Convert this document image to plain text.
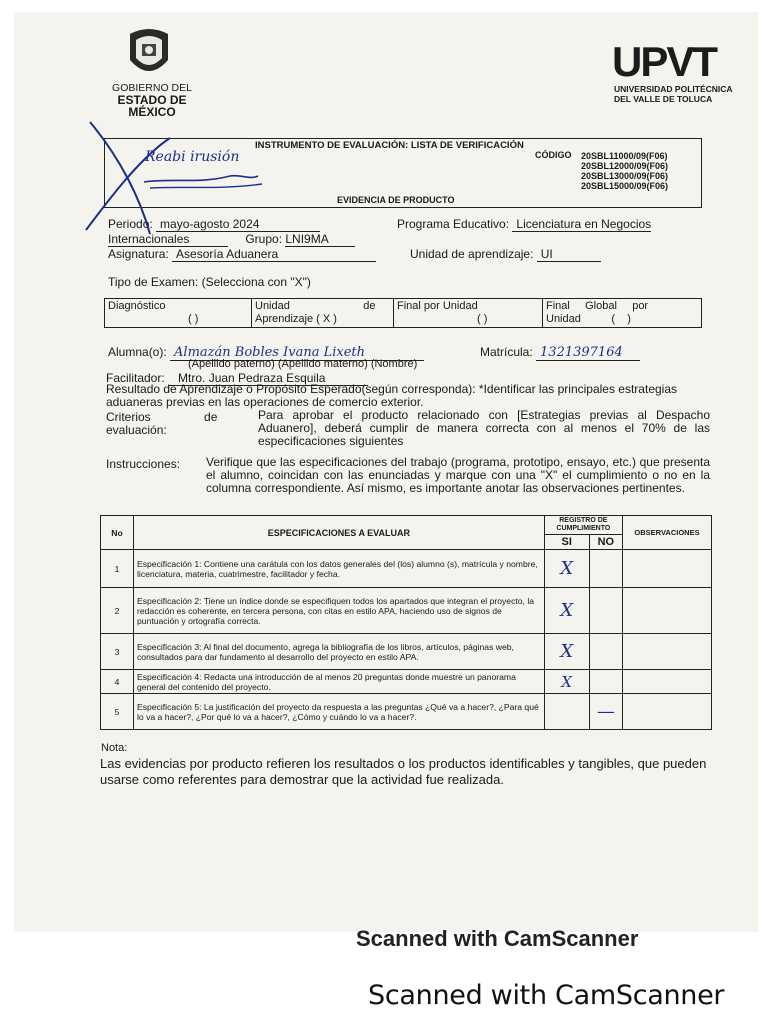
GOBIERNO DEL
ESTADO DE MÉXICO
UPVT
UNIVERSIDAD POLITÉCNICA
DEL VALLE DE TOLUCA
INSTRUMENTO DE EVALUACIÓN: LISTA DE VERIFICACIÓN
CÓDIGO 20SBL11000/09(F06)
20SBL12000/09(F06)
20SBL13000/09(F06)
20SBL15000/09(F06)
Reabi irusión
EVIDENCIA DE PRODUCTO
Periodo: mayo-agosto 2024	Programa Educativo: Licenciatura en Negocios
Internacionales	Grupo: LNI9MA
Asignatura: Asesoría Aduanera	Unidad de aprendizaje: UI
Tipo de Examen: (Selecciona con "X")
Diagnóstico
( )

Unidad                        de
Aprendizaje ( X )

Final por Unidad
( )

Final     Global     por
Unidad          (    )
Alumna(o): Almazán Bobles Ivana Lixeth	Matrícula: 1321397164
(Apellido paterno) (Apellido materno) (Nombre)
Facilitador: Mtro. Juan Pedraza Esquila
Resultado de Aprendizaje o Propósito Esperado(según corresponda): *Identificar las principales estrategias aduaneras previas en las operaciones de comercio exterior.
Criterios                de
evaluación:
Para aprobar el producto relacionado con [Estrategias previas al Despacho Aduanero], deberá cumplir de manera correcta con al menos el 70% de las especificaciones siguientes
Instrucciones: Verifique que las especificaciones del trabajo (programa, prototipo, ensayo, etc.) que presenta el alumno, coincidan con las enunciadas y marque con una "X" el cumplimiento o no en la columna correspondiente. Así mismo, es importante anotar las observaciones pertinentes.
No	ESPECIFICACIONES A EVALUAR	REGISTRO DE CUMPLIMIENTO		OBSERVACIONES
		SI	NO	
1	Especificación 1: Contiene una carátula con los datos generales del (los) alumno (s), matrícula y nombre, licenciatura, materia, cuatrimestre, facilitador y fecha.	X		
2	Especificación 2: Tiene un índice donde se especifiquen todos los apartados que integran el proyecto, la redacción es coherente, en tercera persona, con citas en estilo APA, haciendo uso de signos de puntuación y ortografía correcta.	X		
3	Especificación 3: Al final del documento, agrega la bibliografía de los libros, artículos, páginas web, consultados para dar fundamento al desarrollo del proyecto en estilo APA.	X		
4	Especificación 4: Redacta una introducción de al menos 20 preguntas donde muestre un panorama general del contenido del proyecto.	X		
5	Especificación 5: La justificación del proyecto da respuesta a las preguntas ¿Qué va a hacer?, ¿Para qué lo va a hacer?, ¿Por qué lo va a hacer?, ¿Cómo y cuándo lo va a hacer?.		—	
Nota:
Las evidencias por producto refieren los resultados o los productos identificables y tangibles, que pueden usarse como referentes para demostrar que la actividad fue realizada.
Scanned with CamScanner
Scanned with CamScanner
